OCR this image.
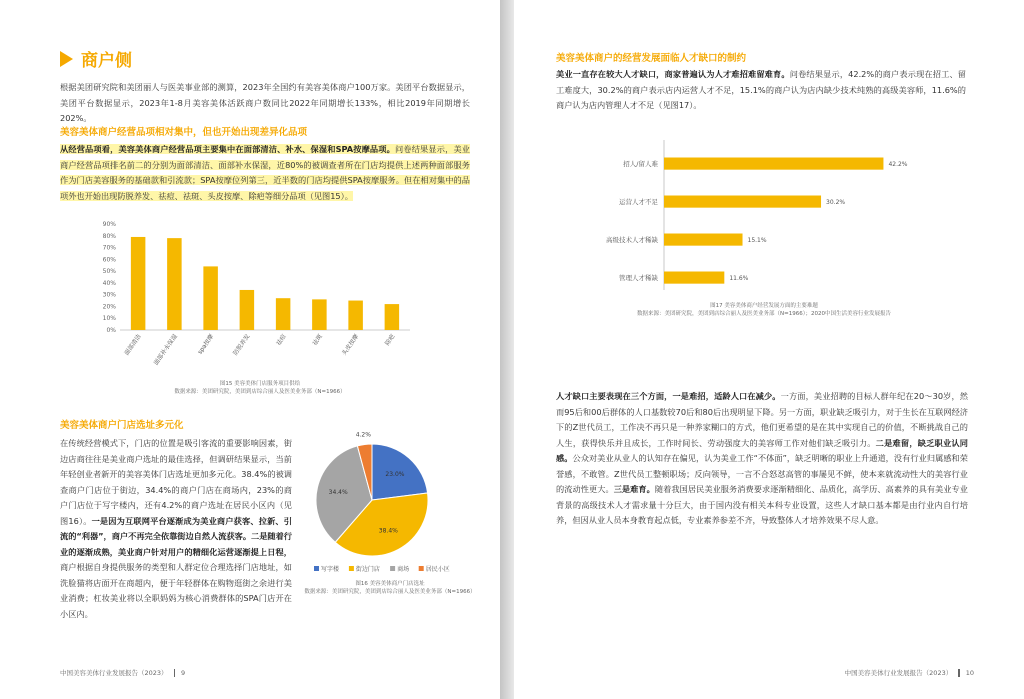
商户侧

根据美团研究院和美团丽人与医美事业部的测算，2023年全国约有美容美体商户100万家。美团平台数据显示，美团平台数据显示，2023年1-8月美容美体活跃商户数同比2022年同期增长133%，相比2019年同期增长202%。

美容美体商户经营品项相对集中，但也开始出现差异化品项

从经营品项看，美容美体商户经营品项主要集中在面部清洁、补水、保湿和SPA按摩品项。问卷结果显示，美业商户经营品项排名前二的分别为面部清洁、面部补水保湿，近80%的被调查者所在门店均提供上述两种面部服务作为门店美容服务的基础款和引流款；SPA按摩位列第三，近半数的门店均提供SPA按摩服务。但在相对集中的品项外也开始出现防脱养发、祛痘、祛斑、头皮按摩、除疤等细分品项（见图15）。

0%
10%
20%
30%
40%
50%
60%
70%
80%
90%
面部清洁 面部补水保湿	spa按摩	防脱养发	祛痘	祛斑	头皮按摩	除疤
图15 美容美体门店服务项目供给
数据来源：美团研究院，美团到店综合丽人及医美业务部（N=1966）
美容美体商户门店选址多元化

在传统经营模式下，门店的位置是吸引客流的重要影响因素，街边店商往往是美业商户选址的最佳选择，但调研结果显示，当前年轻创业者新开的美容美体门店选址更加多元化。38.4%的被调查商户门店位于街边，34.4%的商户门店在商场内，23%的商户门店位于写字楼内，还有4.2%的商户选址在居民小区内（见图16）。一是因为互联网平台逐渐成为美业商户获客、拉新、引流的“利器”，商户不再完全依靠街边自然人流获客。二是随着行业的逐渐成熟，美业商户针对用户的精细化运营逐渐提上日程，商户根据自身提供服务的类型和人群定位合理选择门店地址，如洗脸猫将店面开在商超内，便于年轻群体在购物逛街之余进行美业消费；杠妆美业将以全职妈妈为核心消费群体的SPA门店开在小区内。

23.0%
38.4%
34.4%
4.2%
写字楼	街边门店	商场	居民小区
图16 美容美体商户门店选址
数据来源：美团研究院，美团到店综合丽人及医美业务部（N=1966）
中国美容美体行业发展报告（2023） 9
美容美体商户的经营发展面临人才缺口的制约

美业一直存在较大人才缺口，商家普遍认为人才难招难留难育。问卷结果显示，42.2%的商户表示现在招工、留工难度大，30.2%的商户表示店内运营人才不足，15.1%的商户认为店内缺少技术纯熟的高级美容师，11.6%的商户认为店内管理人才不足（见图17）。

招人/留人难	42.2%
运营人才不足	30.2%
高级技术人才稀缺	15.1%
管理人才稀缺	11.6%
图17 美容美体商户经营发展方面的主要难题
数据来源：美团研究院，美团到店综合丽人及医美业务部（N=1966）；2020中国生活美容行业发展报告

人才缺口主要表现在三个方面，一是难招，适龄人口在减少。一方面，美业招聘的目标人群年纪在20～30岁，然而95后和00后群体的人口基数较70后和80后出现明显下降。另一方面，职业缺乏吸引力，对于生长在互联网经济下的Z世代员工，工作决不再只是一种养家糊口的方式，他们更希望的是在其中实现自己的价值，不断挑战自己的人生，获得快乐并且成长，工作时间长、劳动强度大的美容师工作对他们缺乏吸引力。二是难留，缺乏职业认同感。公众对美业从业人的认知存在偏见，认为美业工作“不体面”，缺乏明晰的职业上升通道，没有行业归属感和荣誉感，不敢管。Z世代员工整顿职场；反向领导，一言不合怒怼高管的事屡见不鲜，使本来就流动性大的美容行业的流动性更大。三是难育。随着我国居民美业服务消费要求逐渐精细化、品质化，高学历、高素养的具有美业专业背景的高级技术人才需求量十分巨大，由于国内没有相关本科专业设置，这些人才缺口基本都是由行业内自行培养，但因从业人员本身教育起点低，专业素养参差不齐，导致整体人才培养效果不尽人意。

中国美容美体行业发展报告（2023） 10
